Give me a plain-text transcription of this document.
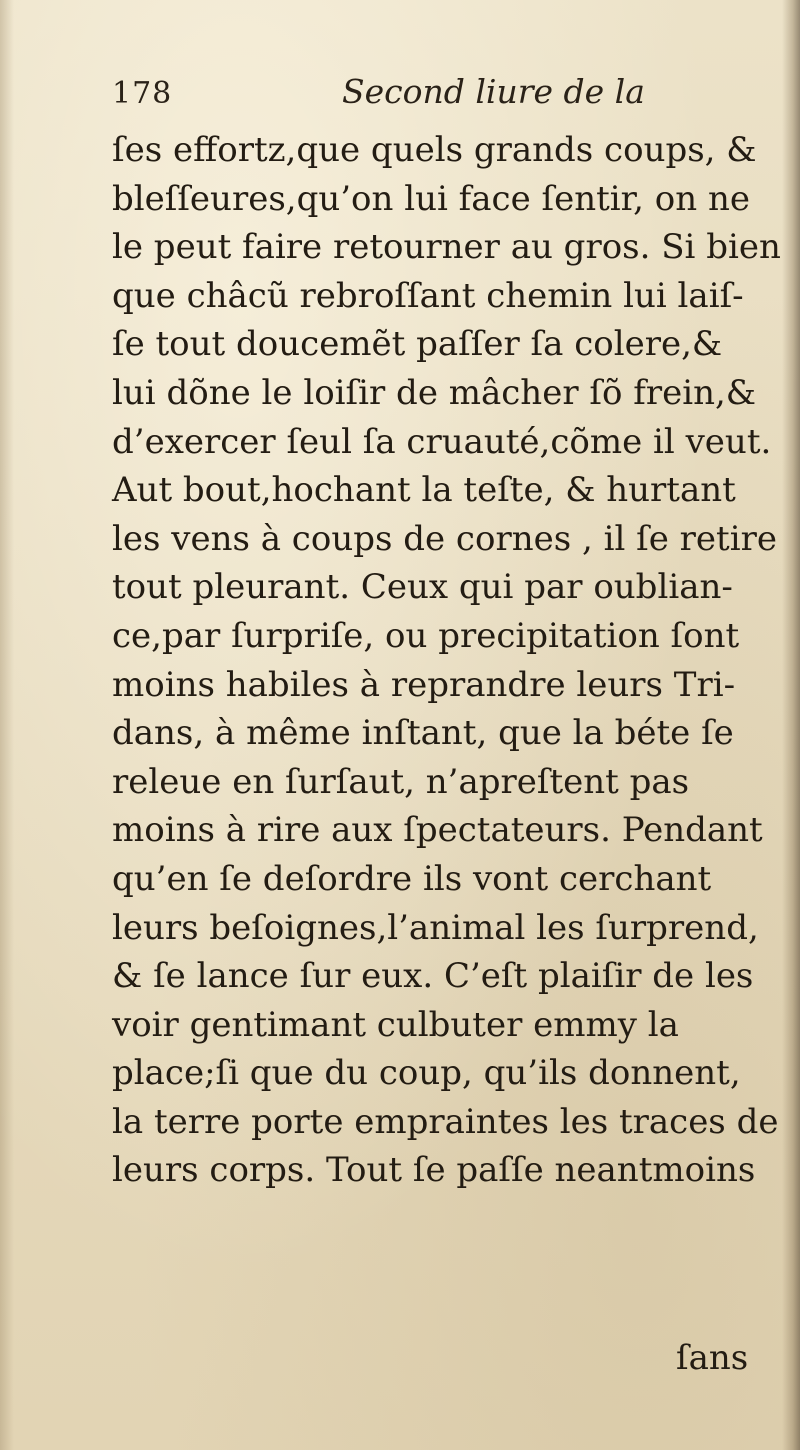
178	Second liure de la
ſes effortz,que quels grands coups, &
bleſſeures,qu’on lui face ſentir, on ne
le peut faire retourner au gros. Si bien
que châcũ rebroſſant chemin lui laiſ-
ſe tout doucemẽt paſſer ſa colere,&
lui dõne le loiſir de mâcher ſõ frein,&
d’exercer ſeul ſa cruauté,cõme il veut.
Aut bout,hochant la teſte, & hurtant
les vens à coups de cornes , il ſe retire
tout pleurant. Ceux qui par oublian-
ce,par ſurpriſe, ou precipitation ſont
moins habiles à reprandre leurs Tri-
dans, à même inſtant, que la béte ſe
releue en ſurſaut, n’apreſtent pas
moins à rire aux ſpectateurs. Pendant
qu’en ſe deſordre ils vont cerchant
leurs beſoignes,l’animal les ſurprend,
& ſe lance ſur eux. C’eſt plaiſir de les
voir gentimant culbuter emmy la
place;ſi que du coup, qu’ils donnent,
la terre porte empraintes les traces de
leurs corps. Tout ſe paſſe neantmoins
ſans
